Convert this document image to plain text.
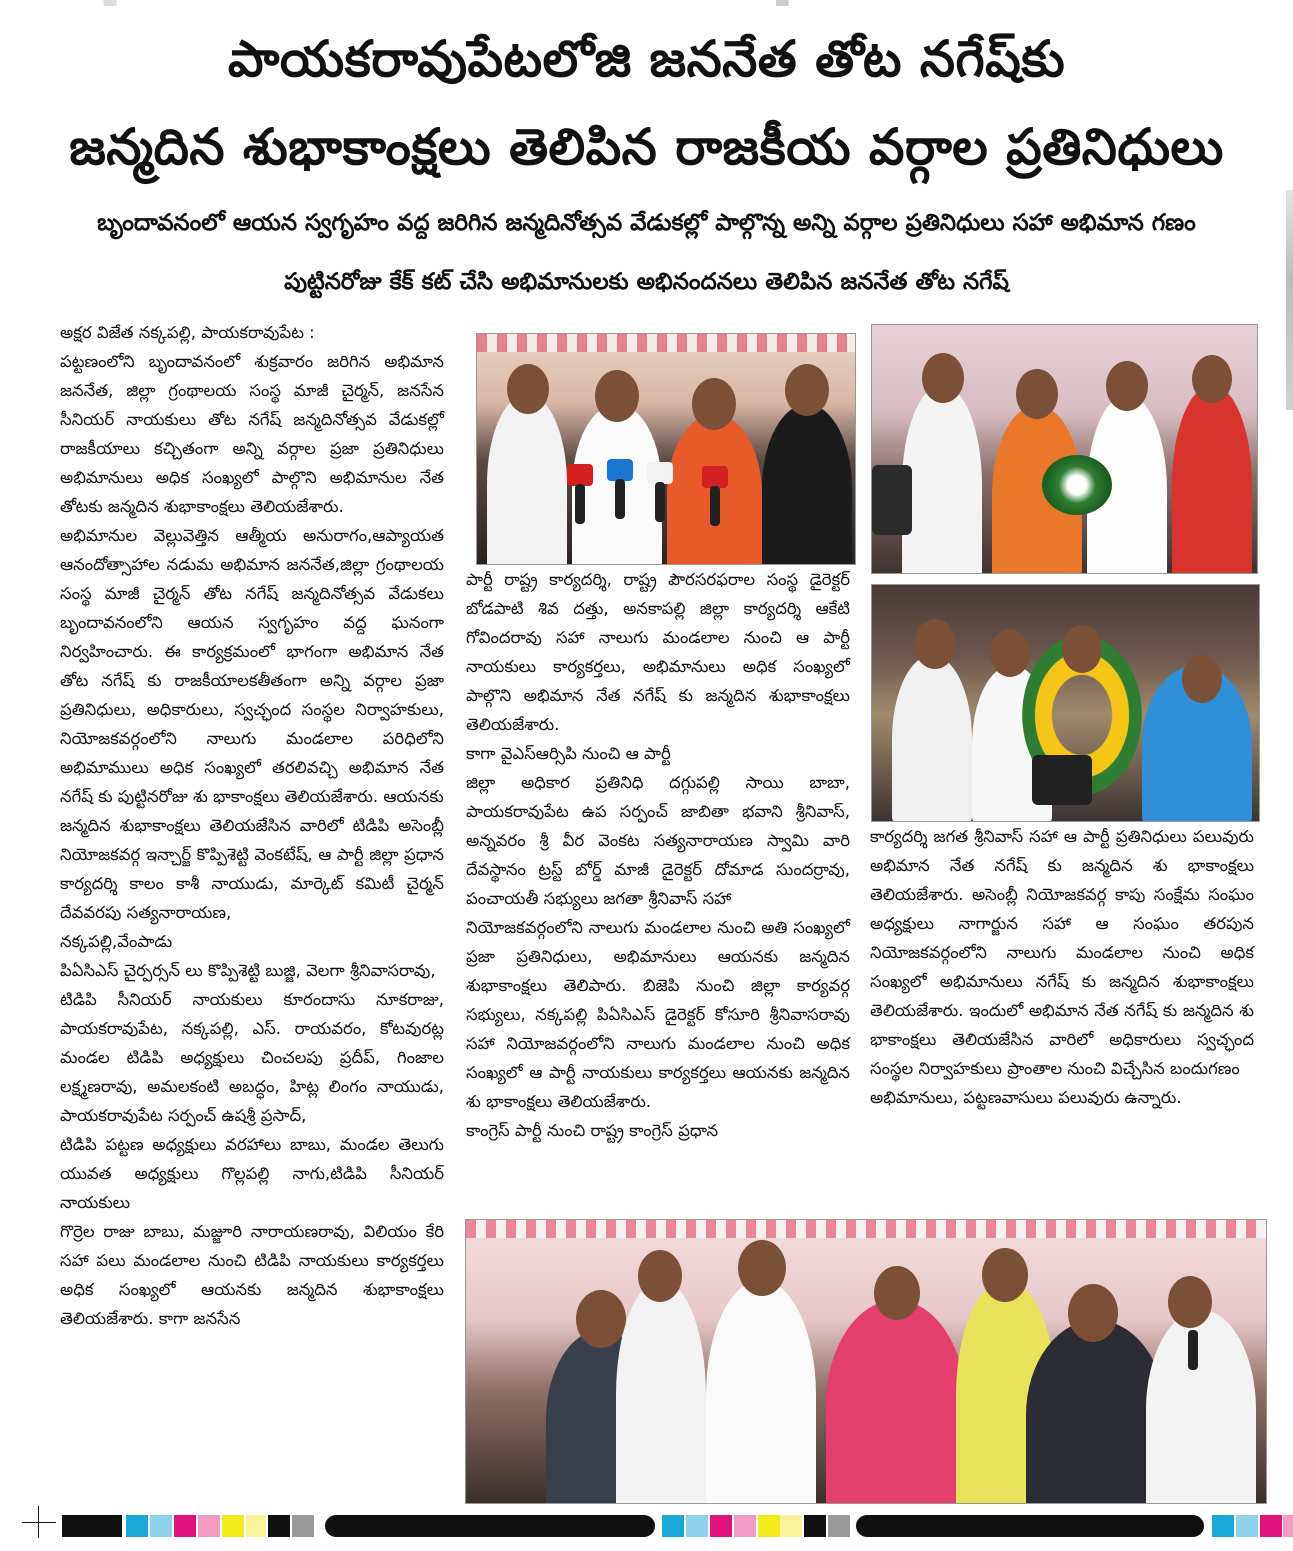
పాయకరావుపేటలోజి జననేత తోట నగేష్‌కు
జన్మదిన శుభాకాంక్షలు తెలిపిన రాజకీయ వర్గాల ప్రతినిధులు
బృందావనంలో ఆయన స్వగృహం వద్ద జరిగిన జన్మదినోత్సవ వేడుకల్లో పాల్గొన్న అన్ని వర్గాల ప్రతినిధులు సహా అభిమాన గణం
పుట్టినరోజు కేక్ కట్ చేసి అభిమానులకు అభినందనలు తెలిపిన జననేత తోట నగేష్

అక్షర విజేత నక్కపల్లి, పాయకరావుపేట :

పట్టణంలోని బృందావనంలో శుక్రవారం జరిగిన అభిమాన జననేత, జిల్లా గ్రంథాలయ సంస్థ మాజీ చైర్మన్, జనసేన సీనియర్ నాయకులు తోట నగేష్ జన్మదినోత్సవ వేడుకల్లో రాజకీయాలు కచ్చితంగా అన్ని వర్గాల ప్రజా ప్రతినిధులు అభిమానులు అధిక సంఖ్యలో పాల్గొని అభిమానుల నేత తోటకు జన్మదిన శుభాకాంక్షలు తెలియజేశారు.

అభిమానుల వెల్లువెత్తిన ఆత్మీయ అనురాగం,ఆప్యాయత ఆనందోత్సాహాల నడుమ అభిమాన జననేత,జిల్లా గ్రంథాలయ సంస్థ మాజీ చైర్మన్ తోట నగేష్ జన్మదినోత్సవ వేడుకలు బృందావనంలోని ఆయన స్వగృహం వద్ద ఘనంగా నిర్వహించారు. ఈ కార్యక్రమంలో భాగంగా అభిమాన నేత తోట నగేష్ కు రాజకీయాలకతీతంగా అన్ని వర్గాల ప్రజా ప్రతినిధులు, అధికారులు, స్వచ్ఛంద సంస్థల నిర్వాహకులు, నియోజకవర్గంలోని నాలుగు మండలాల పరిధిలోని అభిమాములు అధిక సంఖ్యలో తరలివచ్చి అభిమాన నేత నగేష్ కు పుట్టినరోజు శు భాకాంక్షలు తెలియజేశారు. ఆయనకు

జన్మదిన శుభాకాంక్షలు తెలియజేసిన వారిలో టిడిపి అసెంబ్లీ నియోజకవర్గ ఇన్చార్జ్ కొప్పిశెట్టి వెంకటేష్, ఆ పార్టీ జిల్లా ప్రధాన కార్యదర్శి కాలం కాశీ నాయుడు, మార్కెట్ కమిటీ చైర్మన్ దేవవరపు సత్యనారాయణ,

నక్కపల్లి,వేంపాడు

పిఏసిఎస్ చైర్పర్సన్ లు కొప్పిశెట్టి బుజ్జి, వెలగా శ్రీనివాసరావు,

టిడిపి సీనియర్ నాయకులు కూరందాసు నూకరాజు, పాయకరావుపేట, నక్కపల్లి, ఎస్. రాయవరం, కోటవురట్ల మండల టిడిపి అధ్యక్షులు చించలపు ప్రదీప్, గింజాల లక్ష్మణరావు, అమలకంటి అబద్ధం, హిట్ల లింగం నాయుడు, పాయకరావుపేట సర్పంచ్ ఉషశ్రీ ప్రసాద్,

టిడిపి పట్టణ అధ్యక్షులు వరహాలు బాబు, మండల తెలుగు యువత అధ్యక్షులు గొల్లపల్లి నాగు,టిడిపి సీనియర్ నాయకులు

గొర్రెల రాజు బాబు, మజ్జూరి నారాయణరావు, విలియం కేరి సహా పలు మండలాల నుంచి టిడిపి నాయకులు కార్యకర్తలు అధిక సంఖ్యలో ఆయనకు జన్మదిన శుభాకాంక్షలు తెలియజేశారు. కాగా జనసేన

పార్టీ రాష్ట్ర కార్యదర్శి, రాష్ట్ర పౌరసరఫరాల సంస్థ డైరెక్టర్ బోడపాటి శివ దత్తు, అనకాపల్లి జిల్లా కార్యదర్శి ఆకేటి గోవిందరావు సహా నాలుగు మండలాల నుంచి ఆ పార్టీ నాయకులు కార్యకర్తలు, అభిమానులు అధిక సంఖ్యలో పాల్గొని అభిమాన నేత నగేష్ కు జన్మదిన శుభాకాంక్షలు తెలియజేశారు.

కాగా వైఎస్ఆర్సిపి నుంచి ఆ పార్టీ

జిల్లా అధికార ప్రతినిధి దగ్గుపల్లి సాయి బాబా, పాయకరావుపేట ఉప సర్పంచ్ జాబితా భవాని శ్రీనివాస్, అన్నవరం శ్రీ వీర వెంకట సత్యనారాయణ స్వామి వారి దేవస్థానం ట్రస్ట్ బోర్డ్ మాజీ డైరెక్టర్ దోమాడ సుందర్రావు, పంచాయతీ సభ్యులు జగతా శ్రీనివాస్ సహా

నియోజకవర్గంలోని నాలుగు మండలాల నుంచి అతి సంఖ్యలో ప్రజా ప్రతినిధులు, అభిమానులు ఆయనకు జన్మదిన శుభాకాంక్షలు తెలిపారు. బిజెపి నుంచి జిల్లా కార్యవర్గ సభ్యులు, నక్కపల్లి పిఏసిఎస్ డైరెక్టర్ కోసూరి శ్రీనివాసరావు సహా నియోజవర్గంలోని నాలుగు మండలాల నుంచి అధిక సంఖ్యలో ఆ పార్టీ నాయకులు కార్యకర్తలు ఆయనకు జన్మదిన శు భాకాంక్షలు తెలియజేశారు.

కాంగ్రెస్ పార్టీ నుంచి రాష్ట్ర కాంగ్రెస్ ప్రధాన

కార్యదర్శి జగత శ్రీనివాస్ సహా ఆ పార్టీ ప్రతినిధులు పలువురు అభిమాన నేత నగేష్ కు జన్మదిన శు భాకాంక్షలు తెలియజేశారు. అసెంబ్లీ నియోజకవర్గ కాపు సంక్షేమ సంఘం అధ్యక్షులు నాగార్జున సహా ఆ సంఘం తరపున నియోజకవర్గంలోని నాలుగు మండలాల నుంచి అధిక సంఖ్యలో అభిమానులు నగేష్ కు జన్మదిన శుభాకాంక్షలు తెలియజేశారు. ఇందులో అభిమాన నేత నగేష్ కు జన్మదిన శు భాకాంక్షలు తెలియజేసిన వారిలో అధికారులు స్వచ్ఛంద సంస్థల నిర్వాహకులు ప్రాంతాల నుంచి విచ్చేసిన బందుగణం

అభిమానులు, పట్టణవాసులు పలువురు ఉన్నారు.
